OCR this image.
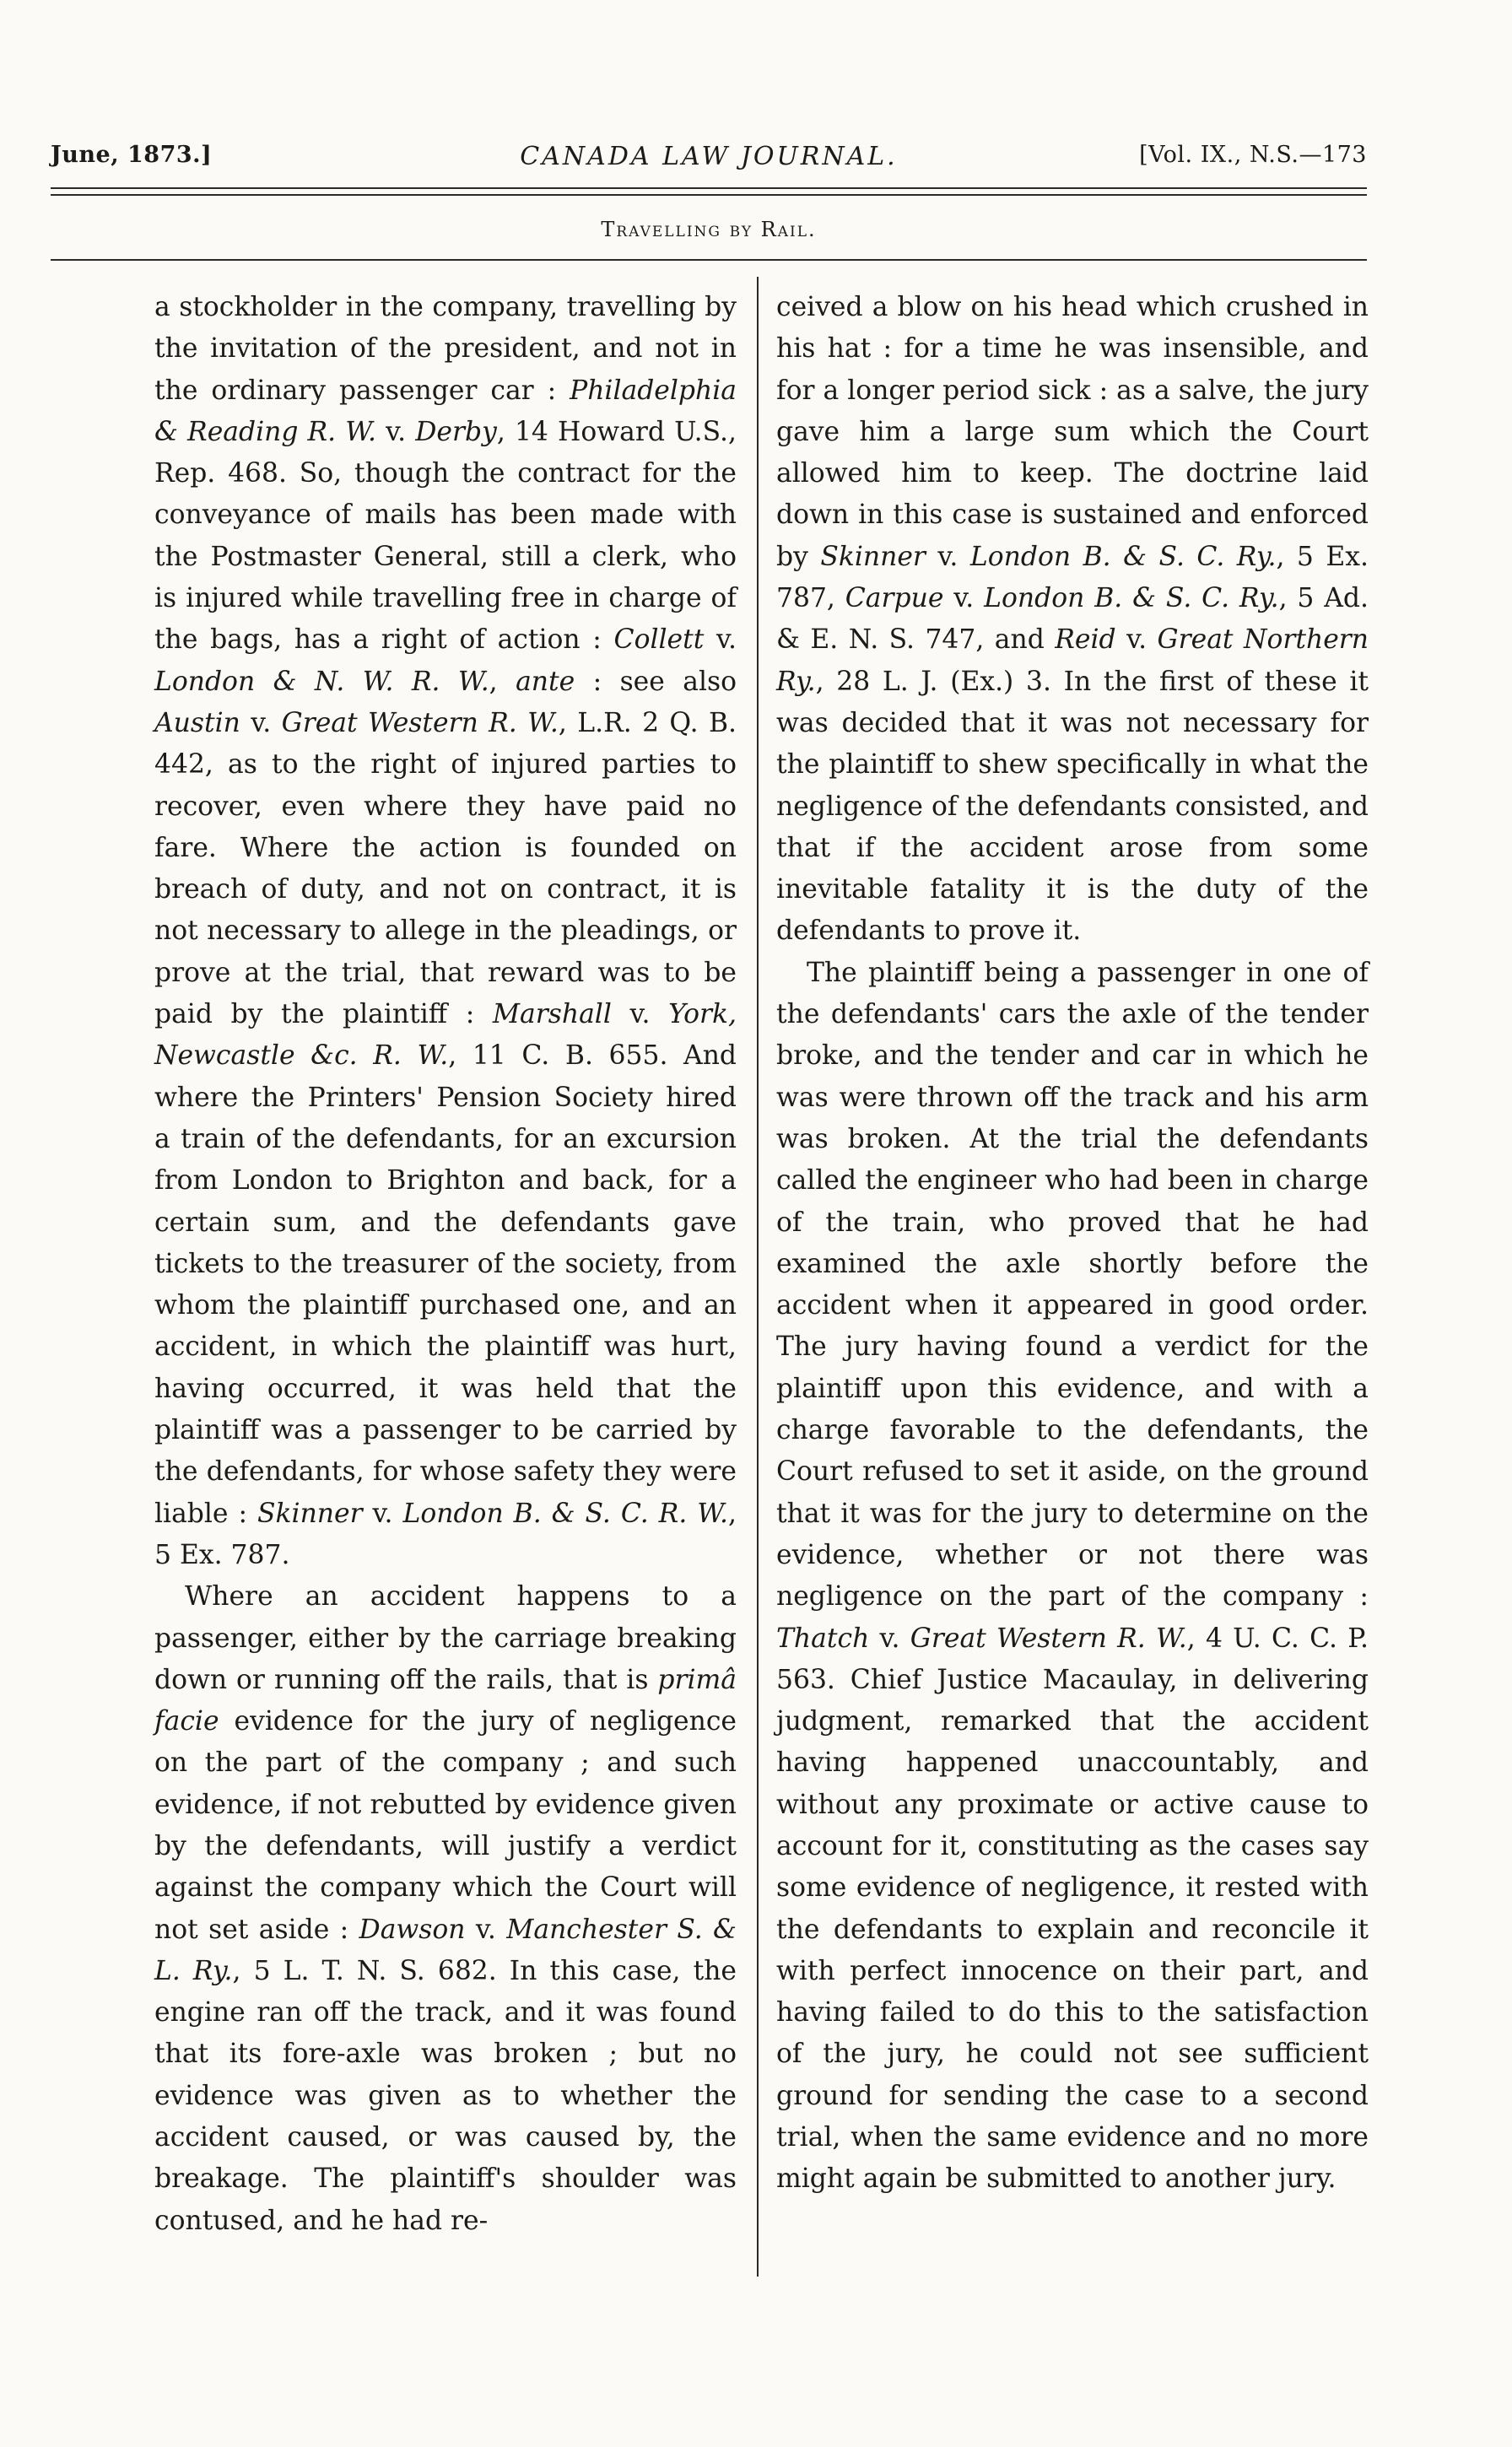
June, 1873.]	CANADA LAW JOURNAL.	[Vol. IX., N.S.—173
Travelling by Rail.

a stockholder in the company, travelling by the invitation of the president, and not in the ordinary passenger car : Philadelphia & Reading R. W. v. Derby, 14 Howard U.S., Rep. 468. So, though the contract for the conveyance of mails has been made with the Postmaster General, still a clerk, who is injured while travelling free in charge of the bags, has a right of action : Collett v. London & N. W. R. W., ante : see also Austin v. Great Western R. W., L.R. 2 Q. B. 442, as to the right of injured parties to recover, even where they have paid no fare. Where the action is founded on breach of duty, and not on contract, it is not necessary to allege in the pleadings, or prove at the trial, that reward was to be paid by the plaintiff : Marshall v. York, Newcastle &c. R. W., 11 C. B. 655. And where the Printers' Pension Society hired a train of the defendants, for an excursion from London to Brighton and back, for a certain sum, and the defendants gave tickets to the treasurer of the society, from whom the plaintiff purchased one, and an accident, in which the plaintiff was hurt, having occurred, it was held that the plaintiff was a passenger to be carried by the defendants, for whose safety they were liable : Skinner v. London B. & S. C. R. W., 5 Ex. 787.

Where an accident happens to a passenger, either by the carriage breaking down or running off the rails, that is primâ facie evidence for the jury of negligence on the part of the company ; and such evidence, if not rebutted by evidence given by the defendants, will justify a verdict against the company which the Court will not set aside : Dawson v. Manchester S. & L. Ry., 5 L. T. N. S. 682. In this case, the engine ran off the track, and it was found that its fore-axle was broken ; but no evidence was given as to whether the accident caused, or was caused by, the breakage. The plaintiff's shoulder was contused, and he had re-

ceived a blow on his head which crushed in his hat : for a time he was insensible, and for a longer period sick : as a salve, the jury gave him a large sum which the Court allowed him to keep. The doctrine laid down in this case is sustained and enforced by Skinner v. London B. & S. C. Ry., 5 Ex. 787, Carpue v. London B. & S. C. Ry., 5 Ad. & E. N. S. 747, and Reid v. Great Northern Ry., 28 L. J. (Ex.) 3. In the first of these it was decided that it was not necessary for the plaintiff to shew specifically in what the negligence of the defendants consisted, and that if the accident arose from some inevitable fatality it is the duty of the defendants to prove it.

The plaintiff being a passenger in one of the defendants' cars the axle of the tender broke, and the tender and car in which he was were thrown off the track and his arm was broken. At the trial the defendants called the engineer who had been in charge of the train, who proved that he had examined the axle shortly before the accident when it appeared in good order. The jury having found a verdict for the plaintiff upon this evidence, and with a charge favorable to the defendants, the Court refused to set it aside, on the ground that it was for the jury to determine on the evidence, whether or not there was negligence on the part of the company : Thatch v. Great Western R. W., 4 U. C. C. P. 563. Chief Justice Macaulay, in delivering judgment, remarked that the accident having happened unaccountably, and without any proximate or active cause to account for it, constituting as the cases say some evidence of negligence, it rested with the defendants to explain and reconcile it with perfect innocence on their part, and having failed to do this to the satisfaction of the jury, he could not see sufficient ground for sending the case to a second trial, when the same evidence and no more might again be submitted to another jury.
